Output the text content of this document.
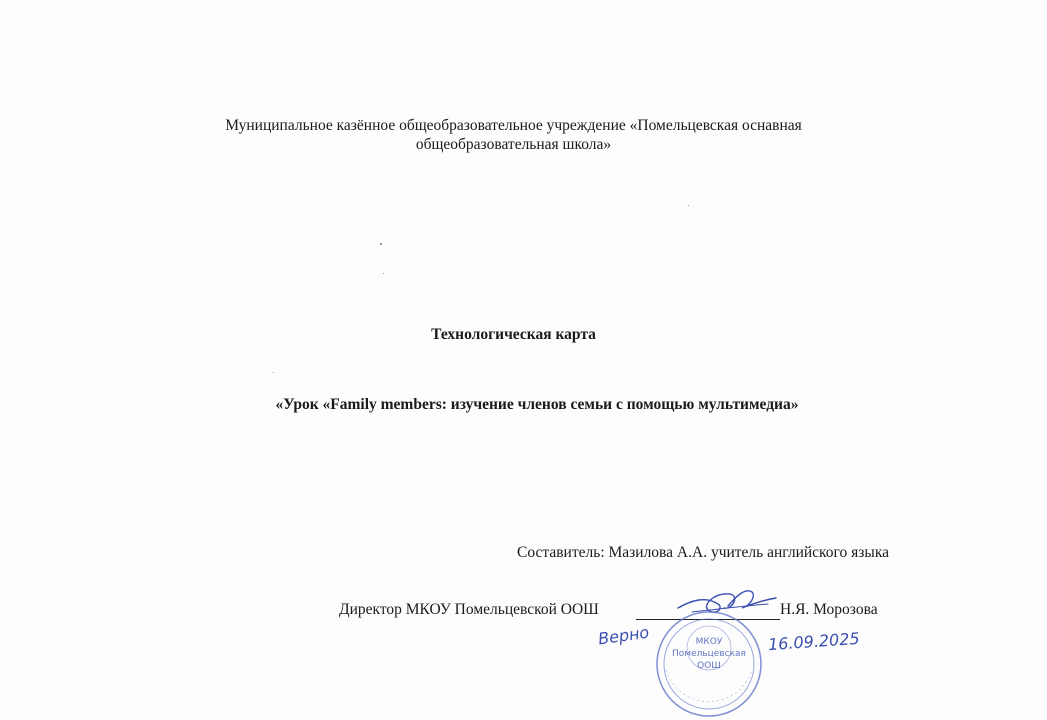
Муниципальное казённое общеобразовательное учреждение «Помельцевская оснавная
общеобразовательная школа»
Технологическая карта
«Урок «Family members: изучение членов семьи с помощью мультимедиа»
Составитель: Мазилова А.А. учитель английского языка
Директор МКОУ Помельцевской ООШ	Н.Я. Морозова
МКОУ
Помельцевская
ООШ
Верно	16.09.2025
